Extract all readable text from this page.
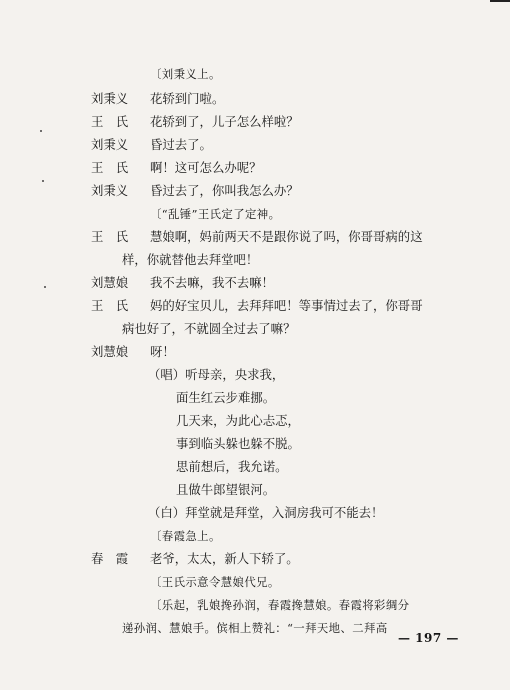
〔刘秉义上。
刘秉义 花轿到门啦。
王　氏 花轿到了，儿子怎么样啦？
刘秉义 昏过去了。
王　氏 啊！这可怎么办呢？
刘秉义 昏过去了，你叫我怎么办？
〔“乱锤”王氏定了定神。
王　氏 慧娘啊，妈前两天不是跟你说了吗，你哥哥病的这
样，你就替他去拜堂吧！
刘慧娘 我不去嘛，我不去嘛！
王　氏 妈的好宝贝儿，去拜拜吧！等事情过去了，你哥哥
病也好了，不就圆全过去了嘛？
刘慧娘 呀！
（唱）听母亲，央求我，
面生红云步难挪。
几天来，为此心忐忑，
事到临头躲也躲不脱。
思前想后，我允诺。
且做牛郎望银河。
（白）拜堂就是拜堂，入洞房我可不能去！
〔春霞急上。
春　霞 老爷，太太，新人下轿了。
〔王氏示意令慧娘代兄。
〔乐起，乳娘搀孙润，春霞搀慧娘。春霞将彩绸分
递孙润、慧娘手。傧相上赞礼：“一拜天地、二拜高
— 197 —
